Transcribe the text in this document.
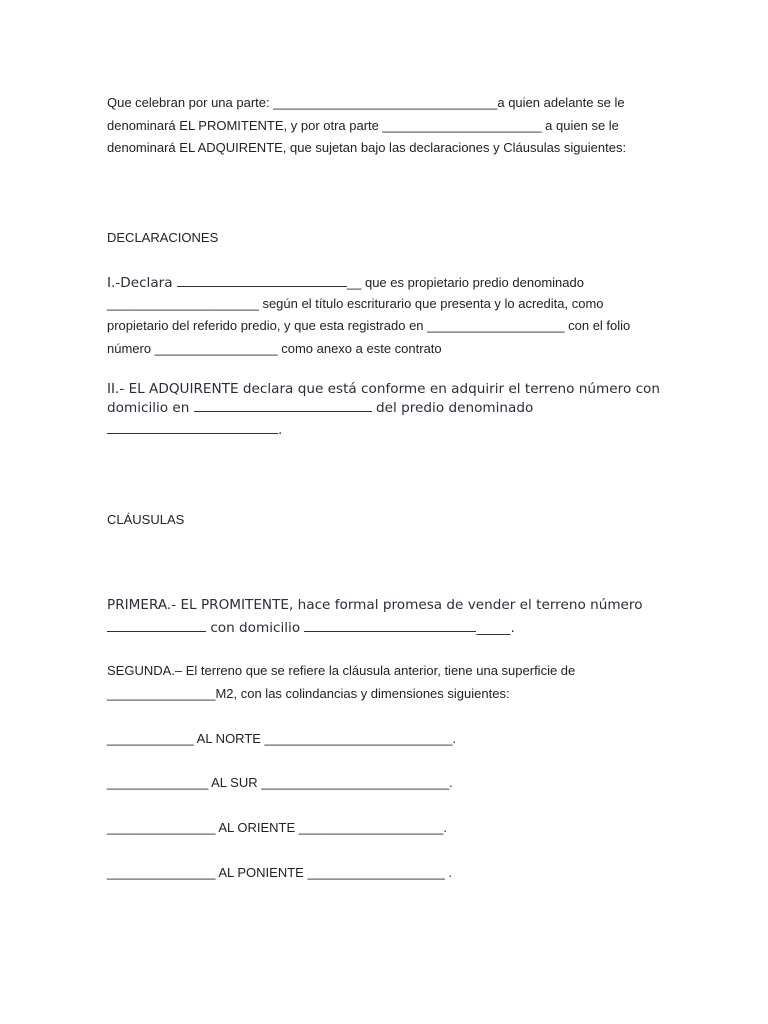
Que celebran por una parte: _______________________________a quien adelante se le
denominará EL PROMITENTE, y por otra parte ______________________ a quien se le
denominará EL ADQUIRENTE, que sujetan bajo las declaraciones y Cláusulas siguientes:
DECLARACIONES
I.-Declara	__ que es propietario predio denominado
_____________________ según el título escriturario que presenta y lo acredita, como
propietario del referido predio, y que esta registrado en ___________________ con el folio
número _________________ como anexo a este contrato
II.- EL ADQUIRENTE declara que está conforme en adquirir el terreno número con
domicilio en	del predio denominado
.
CLÁUSULAS
PRIMERA.- EL PROMITENTE, hace formal promesa de vender el terreno número
con domicilio	_____.
SEGUNDA.– El terreno que se refiere la cláusula anterior, tiene una superficie de
_______________M2, con las colindancias y dimensiones siguientes:
____________ AL NORTE __________________________.
______________ AL SUR __________________________.
_______________ AL ORIENTE ____________________.
_______________ AL PONIENTE ___________________ .
